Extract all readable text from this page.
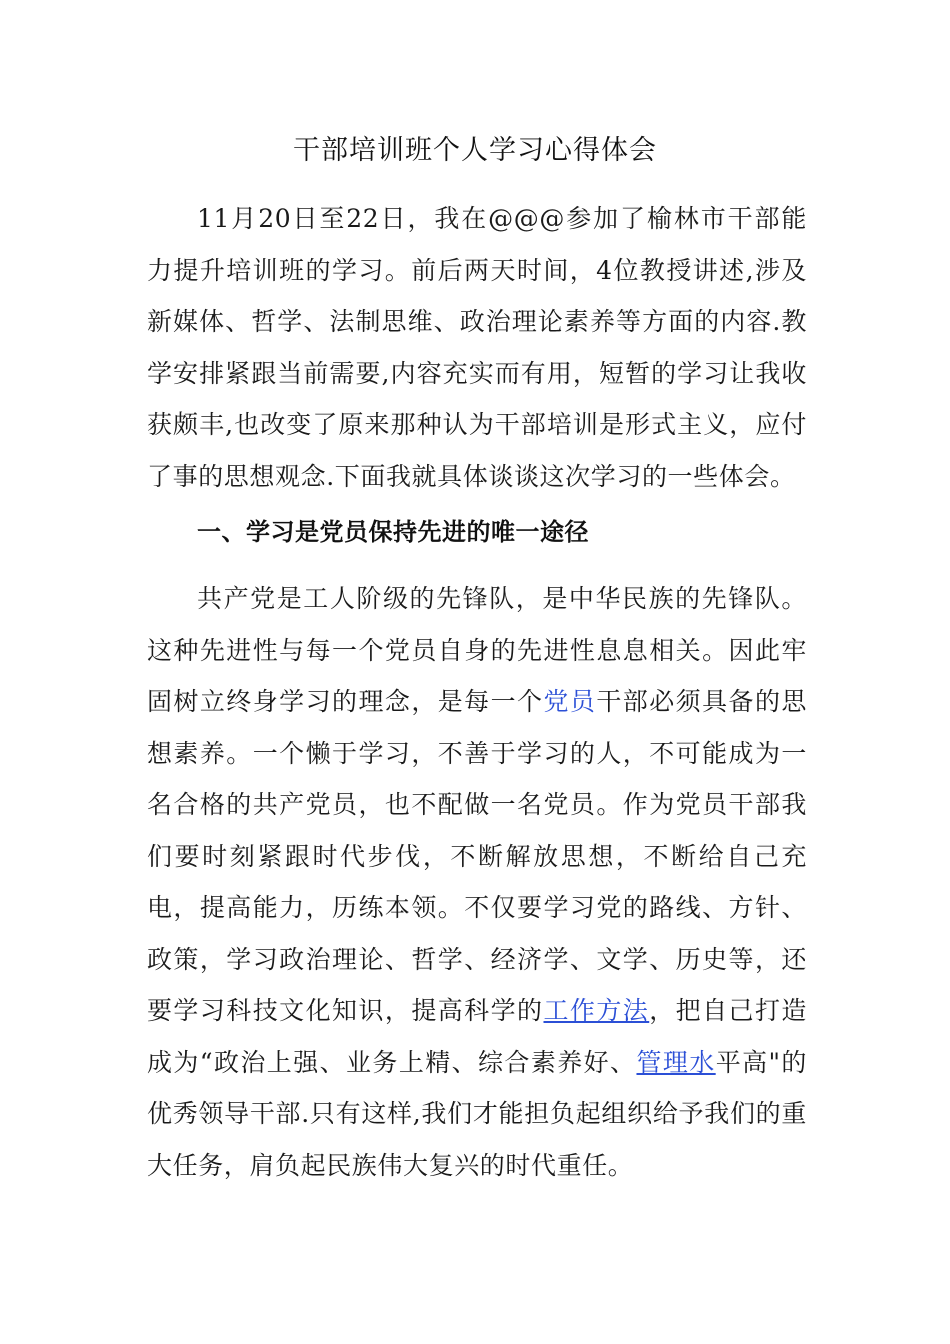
干部培训班个人学习心得体会

11月20日至22日，我在@@@参加了榆林市干部能力提升培训班的学习。前后两天时间，4位教授讲述,涉及新媒体、哲学、法制思维、政治理论素养等方面的内容.教学安排紧跟当前需要,内容充实而有用，短暂的学习让我收获颇丰,也改变了原来那种认为干部培训是形式主义，应付了事的思想观念.下面我就具体谈谈这次学习的一些体会。

一、学习是党员保持先进的唯一途径

共产党是工人阶级的先锋队，是中华民族的先锋队。这种先进性与每一个党员自身的先进性息息相关。因此牢固树立终身学习的理念，是每一个党员干部必须具备的思想素养。一个懒于学习，不善于学习的人，不可能成为一名合格的共产党员，也不配做一名党员。作为党员干部我们要时刻紧跟时代步伐，不断解放思想，不断给自己充电，提高能力，历练本领。不仅要学习党的路线、方针、政策，学习政治理论、哲学、经济学、文学、历史等，还要学习科技文化知识，提高科学的工作方法，把自己打造成为“政治上强、业务上精、综合素养好、管理水平高"的优秀领导干部.只有这样,我们才能担负起组织给予我们的重大任务，肩负起民族伟大复兴的时代重任。
